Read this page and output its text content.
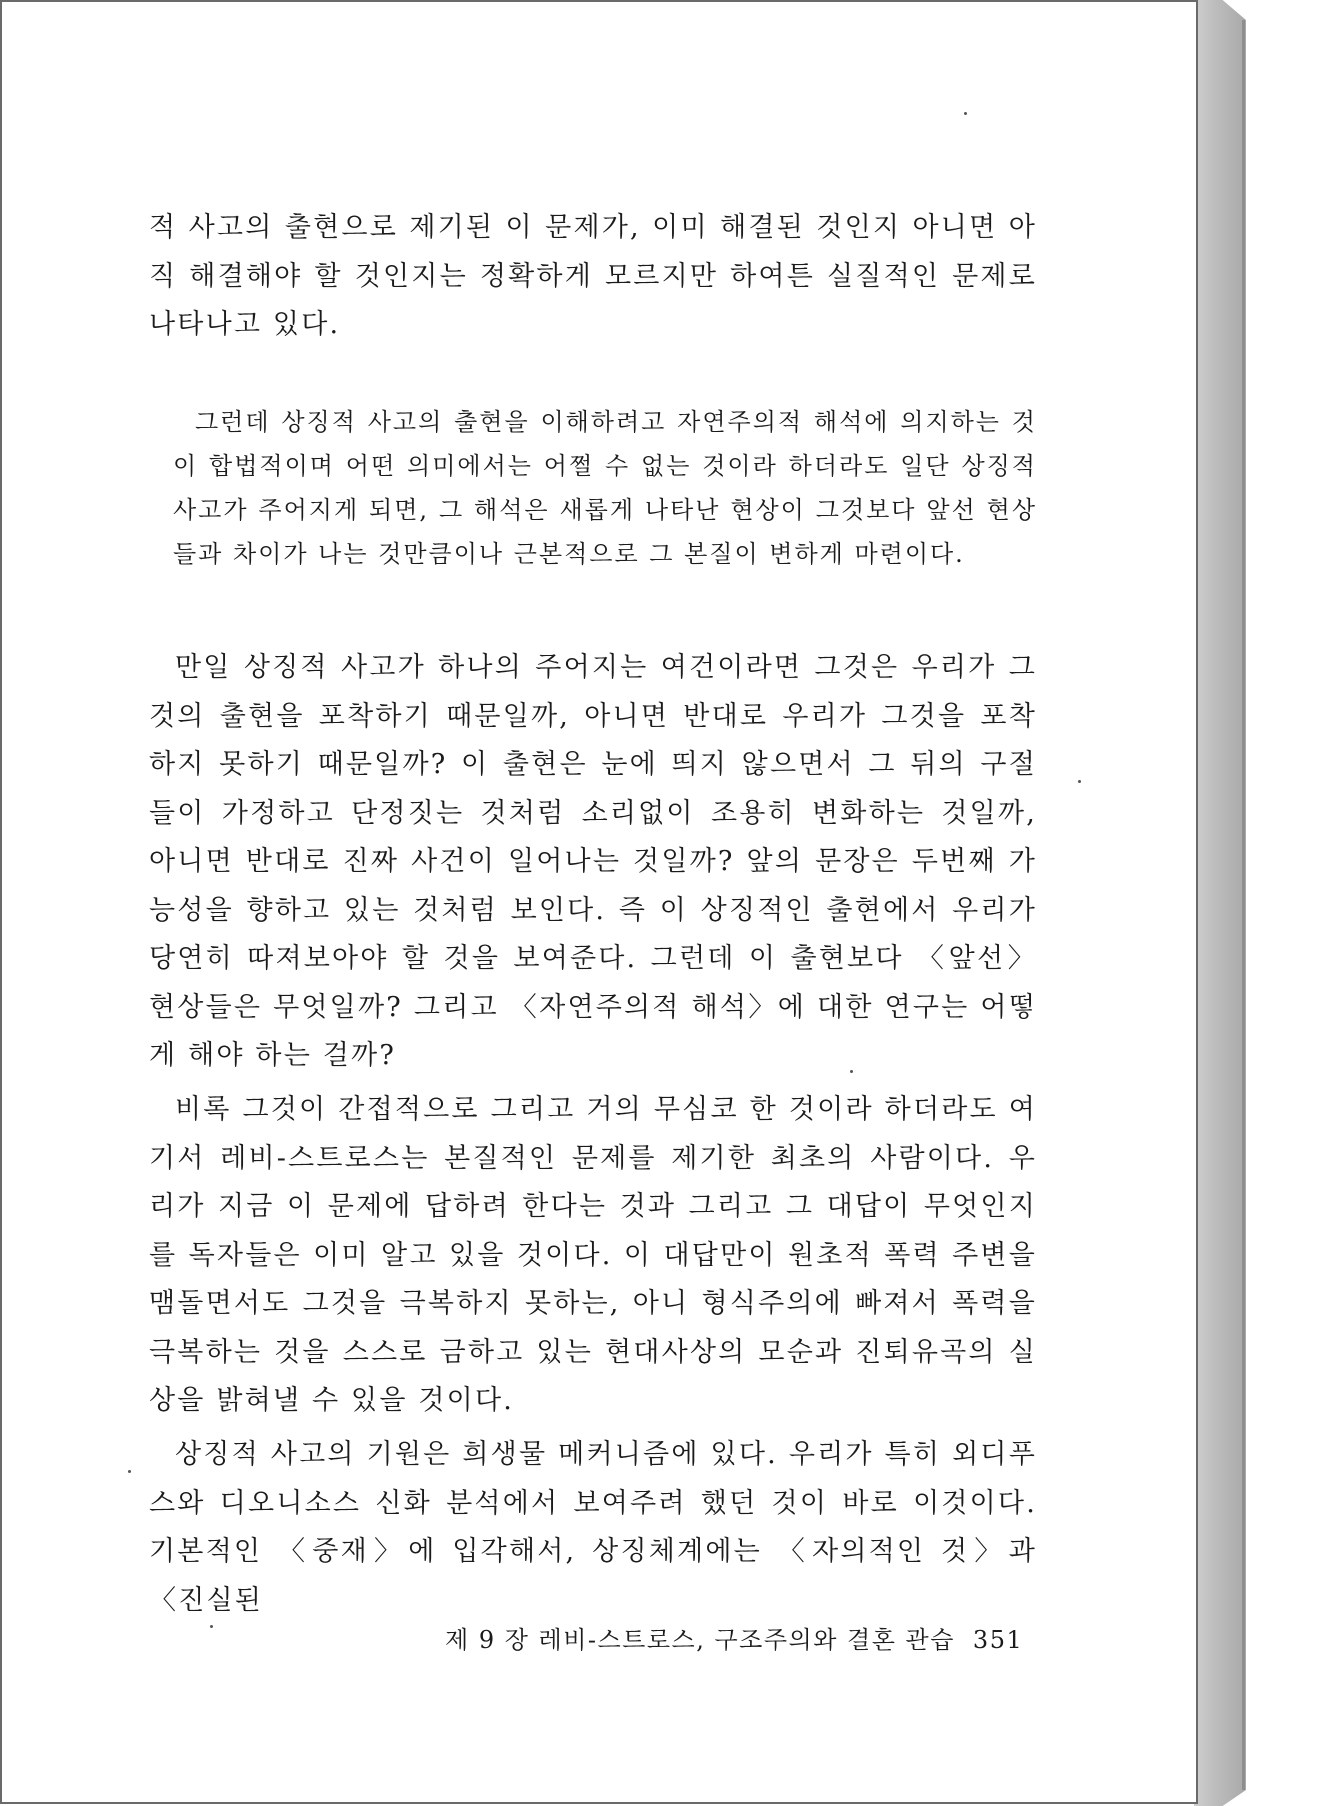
적 사고의 출현으로 제기된 이 문제가, 이미 해결된 것인지 아니면 아직 해결해야 할 것인지는 정확하게 모르지만 하여튼 실질적인 문제로 나타나고 있다.

그런데 상징적 사고의 출현을 이해하려고 자연주의적 해석에 의지하는 것이 합법적이며 어떤 의미에서는 어쩔 수 없는 것이라 하더라도 일단 상징적 사고가 주어지게 되면, 그 해석은 새롭게 나타난 현상이 그것보다 앞선 현상들과 차이가 나는 것만큼이나 근본적으로 그 본질이 변하게 마련이다.

만일 상징적 사고가 하나의 주어지는 여건이라면 그것은 우리가 그것의 출현을 포착하기 때문일까, 아니면 반대로 우리가 그것을 포착하지 못하기 때문일까? 이 출현은 눈에 띄지 않으면서 그 뒤의 구절들이 가정하고 단정짓는 것처럼 소리없이 조용히 변화하는 것일까, 아니면 반대로 진짜 사건이 일어나는 것일까? 앞의 문장은 두번째 가능성을 향하고 있는 것처럼 보인다. 즉 이 상징적인 출현에서 우리가 당연히 따져보아야 할 것을 보여준다. 그런데 이 출현보다 〈앞선〉 현상들은 무엇일까? 그리고 〈자연주의적 해석〉에 대한 연구는 어떻게 해야 하는 걸까?

비록 그것이 간접적으로 그리고 거의 무심코 한 것이라 하더라도 여기서 레비-스트로스는 본질적인 문제를 제기한 최초의 사람이다. 우리가 지금 이 문제에 답하려 한다는 것과 그리고 그 대답이 무엇인지를 독자들은 이미 알고 있을 것이다. 이 대답만이 원초적 폭력 주변을 맴돌면서도 그것을 극복하지 못하는, 아니 형식주의에 빠져서 폭력을 극복하는 것을 스스로 금하고 있는 현대사상의 모순과 진퇴유곡의 실상을 밝혀낼 수 있을 것이다.

상징적 사고의 기원은 희생물 메커니즘에 있다. 우리가 특히 외디푸스와 디오니소스 신화 분석에서 보여주려 했던 것이 바로 이것이다. 기본적인 〈중재〉에 입각해서, 상징체계에는 〈자의적인 것〉과 〈진실된

제 9 장 레비-스트로스, 구조주의와 결혼 관습 351
